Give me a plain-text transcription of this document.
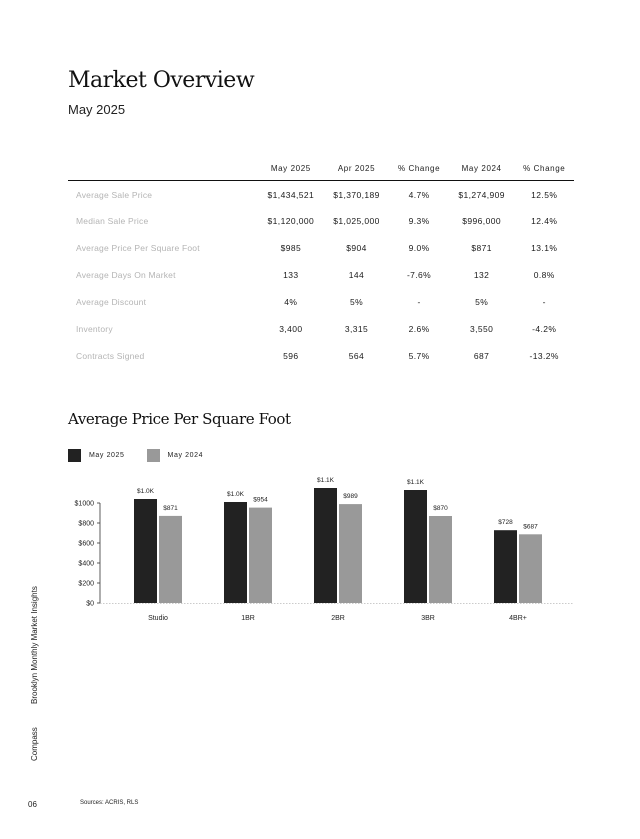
Market Overview
May 2025
	May 2025	Apr 2025	% Change	May 2024	% Change
Average Sale Price	$1,434,521	$1,370,189	4.7%	$1,274,909	12.5%
Median Sale Price	$1,120,000	$1,025,000	9.3%	$996,000	12.4%
Average Price Per Square Foot	$985	$904	9.0%	$871	13.1%
Average Days On Market	133	144	-7.6%	132	0.8%
Average Discount	4%	5%	-	5%	-
Inventory	3,400	3,315	2.6%	3,550	-4.2%
Contracts Signed	596	564	5.7%	687	-13.2%
Average Price Per Square Foot
May 2025	May 2024
$0
$200
$400
$600
$800
$1000
$1.0K
$871
Studio
$1.0K
$954
1BR
$1.1K
$989
2BR
$1.1K
$870
3BR
$728
$687
4BR+
Brooklyn Monthly Market Insights
Compass
06	Sources: ACRIS, RLS
